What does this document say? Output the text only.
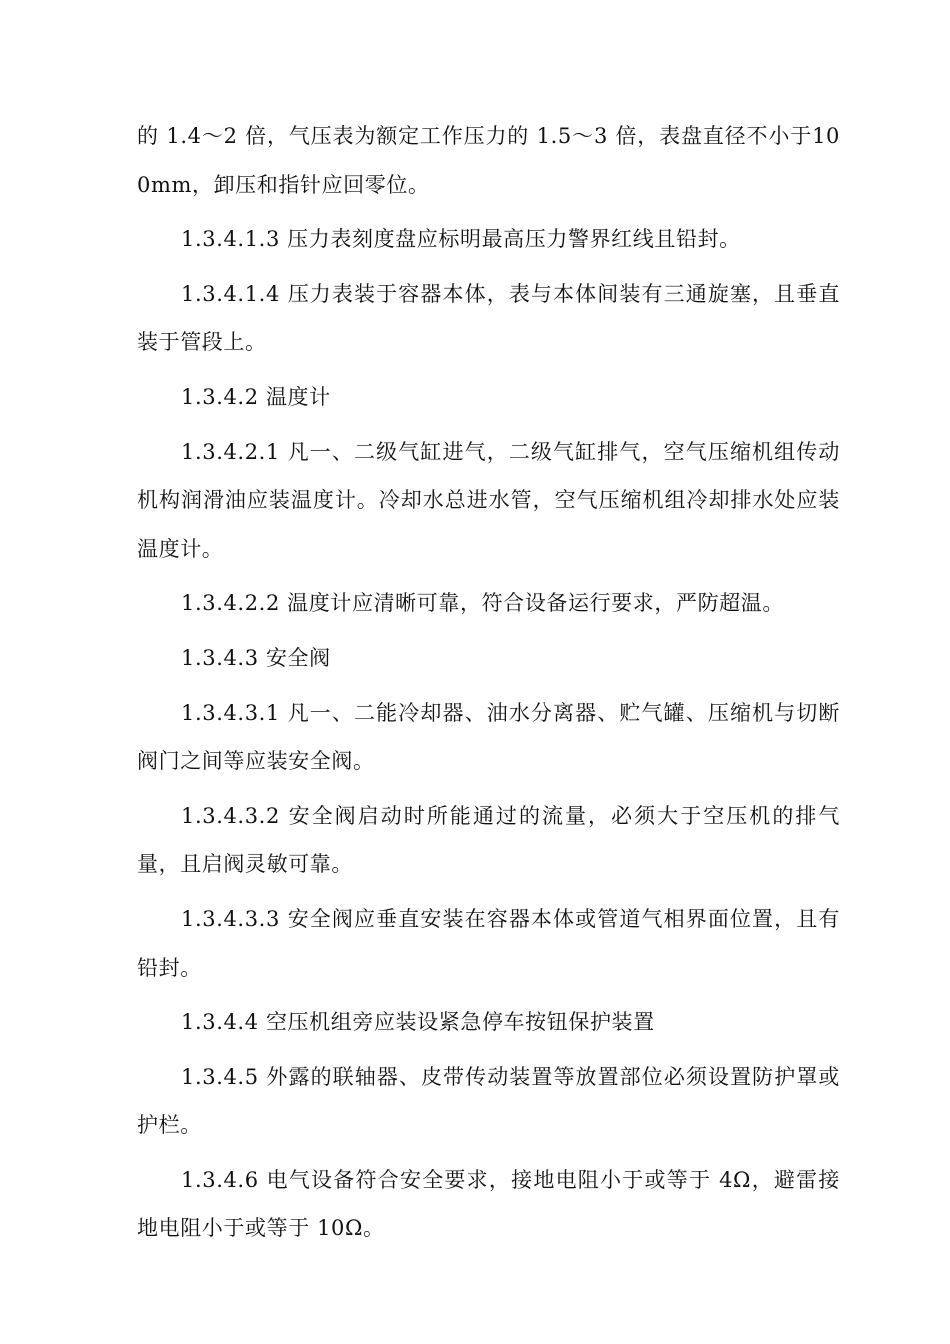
的 1.4～2 倍，气压表为额定工作压力的 1.5～3 倍，表盘直径不小于100mm，卸压和指针应回零位。

1.3.4.1.3 压力表刻度盘应标明最高压力警界红线且铅封。

1.3.4.1.4 压力表装于容器本体，表与本体间装有三通旋塞，且垂直装于管段上。

1.3.4.2 温度计

1.3.4.2.1 凡一、二级气缸进气，二级气缸排气，空气压缩机组传动机构润滑油应装温度计。冷却水总进水管，空气压缩机组冷却排水处应装温度计。

1.3.4.2.2 温度计应清晰可靠，符合设备运行要求，严防超温。

1.3.4.3 安全阀

1.3.4.3.1 凡一、二能冷却器、油水分离器、贮气罐、压缩机与切断阀门之间等应装安全阀。

1.3.4.3.2 安全阀启动时所能通过的流量，必须大于空压机的排气量，且启阀灵敏可靠。

1.3.4.3.3 安全阀应垂直安装在容器本体或管道气相界面位置，且有铅封。

1.3.4.4 空压机组旁应装设紧急停车按钮保护装置

1.3.4.5 外露的联轴器、皮带传动装置等放置部位必须设置防护罩或护栏。

1.3.4.6 电气设备符合安全要求，接地电阻小于或等于 4Ω，避雷接地电阻小于或等于 10Ω。
